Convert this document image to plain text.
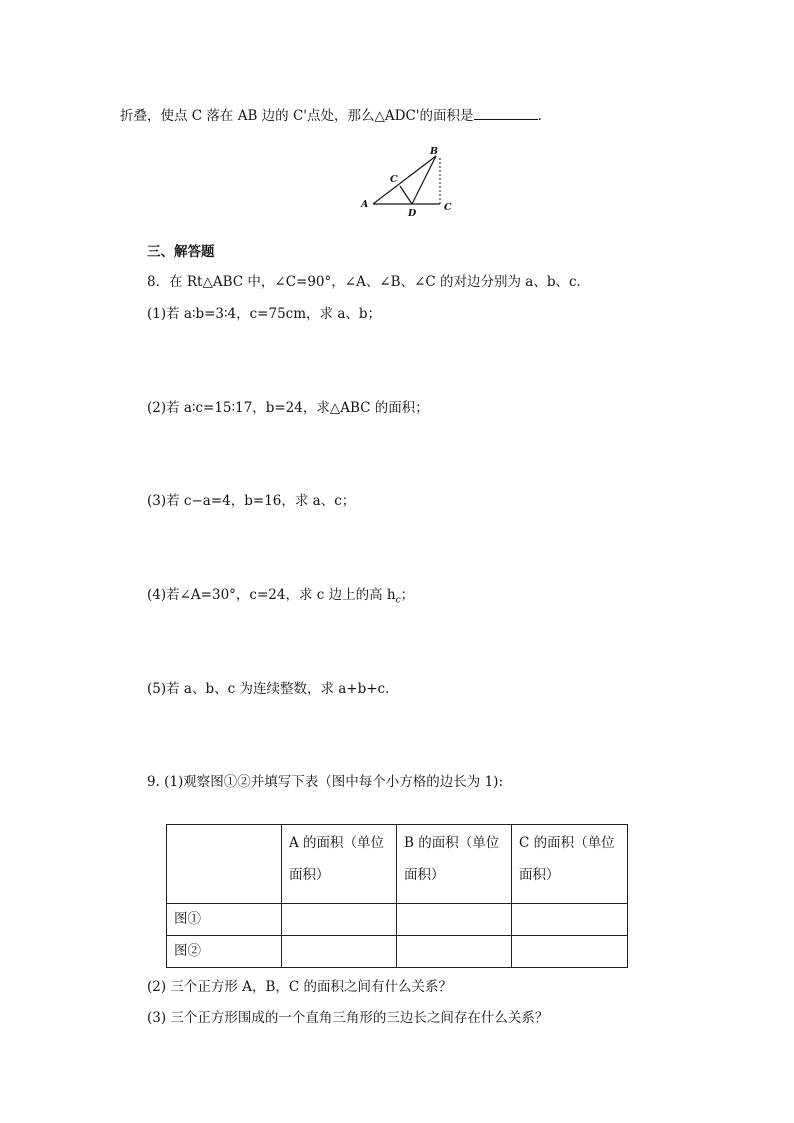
折叠，使点 C 落在 AB 边的 C'点处，那么△ADC'的面积是	.
B
C
A
D
C
三、解答题
8．在 Rt△ABC 中，∠C=90°，∠A、∠B、∠C 的对边分别为 a、b、c．
(1)若 a∶b=3∶4，c=75cm，求 a、b；
(2)若 a∶c=15∶17，b=24，求△ABC 的面积；
(3)若 c−a=4，b=16，求 a、c；
(4)若∠A=30°，c=24，求 c 边上的高 $h_c$；
(5)若 a、b、c 为连续整数，求 a+b+c．
9. (1)观察图①②并填写下表（图中每个小方格的边长为 1):
	A 的面积（单位
面积）	B 的面积（单位
面积）	C 的面积（单位
面积）
图①			
图②			
(2) 三个正方形 A，B，C 的面积之间有什么关系？
(3) 三个正方形围成的一个直角三角形的三边长之间存在什么关系？
